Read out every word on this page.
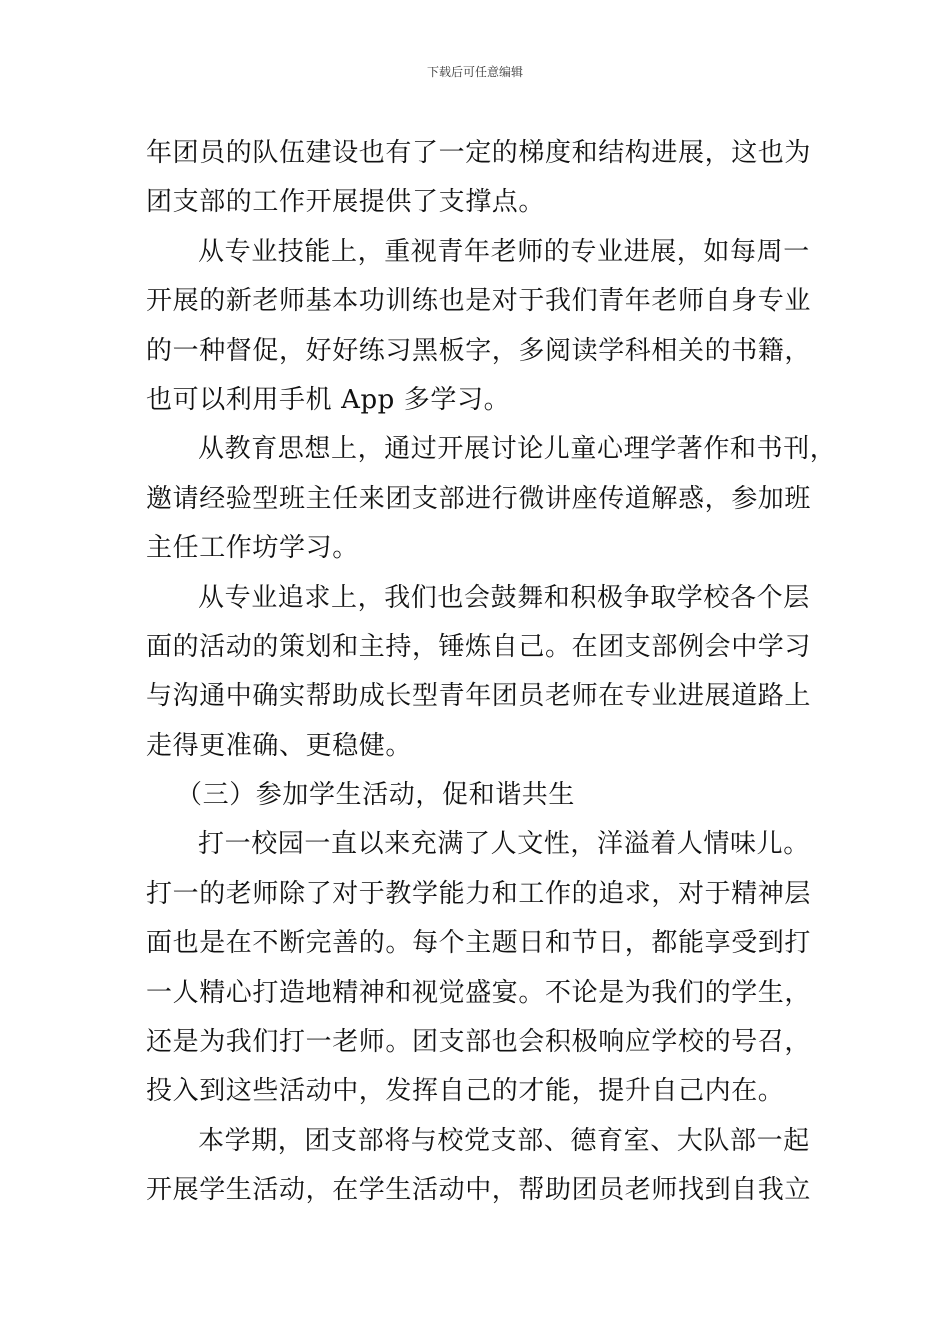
下载后可任意编辑
年团员的队伍建设也有了一定的梯度和结构进展，这也为
团支部的工作开展提供了支撑点。
从专业技能上，重视青年老师的专业进展，如每周一
开展的新老师基本功训练也是对于我们青年老师自身专业
的一种督促，好好练习黑板字，多阅读学科相关的书籍，
也可以利用手机 App 多学习。
从教育思想上，通过开展讨论儿童心理学著作和书刊，
邀请经验型班主任来团支部进行微讲座传道解惑，参加班
主任工作坊学习。
从专业追求上，我们也会鼓舞和积极争取学校各个层
面的活动的策划和主持，锤炼自己。在团支部例会中学习
与沟通中确实帮助成长型青年团员老师在专业进展道路上
走得更准确、更稳健。
（三）参加学生活动，促和谐共生
打一校园一直以来充满了人文性，洋溢着人情味儿。
打一的老师除了对于教学能力和工作的追求，对于精神层
面也是在不断完善的。每个主题日和节日，都能享受到打
一人精心打造地精神和视觉盛宴。不论是为我们的学生，
还是为我们打一老师。团支部也会积极响应学校的号召，
投入到这些活动中，发挥自己的才能，提升自己内在。
本学期，团支部将与校党支部、德育室、大队部一起
开展学生活动，在学生活动中，帮助团员老师找到自我立
